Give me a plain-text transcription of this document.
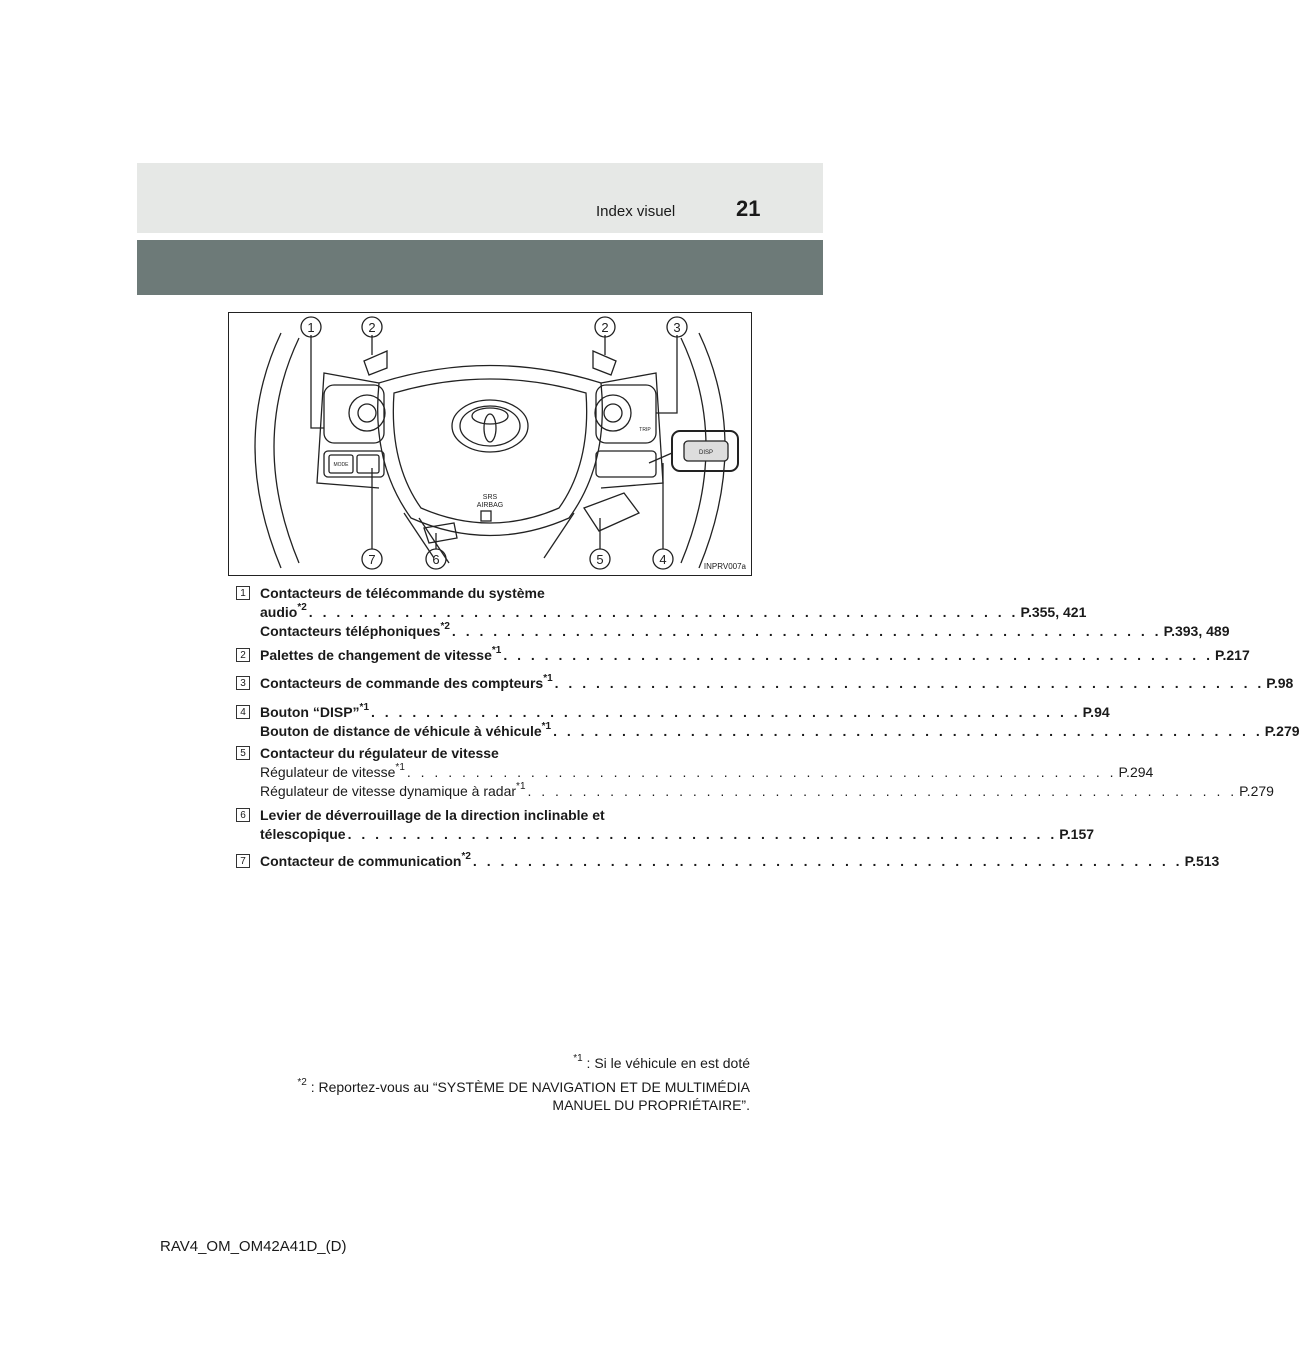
Index visuel	21
1	2	2	3
7	6	5	4
SRS
AIRBAG
DISP
MODE
TRIP
INPRV007a
1	Contacteurs de télécommande du système
audio$^{*2}$ . . . . . . . . . . . . . . . . . . . . . . . . . . . . . . . . . . . . . . . . . . . . . . . . . . . . P.355, 421
Contacteurs téléphoniques$^{*2}$ . . . . . . . . . . . . . . . . . . . . . . . . . . . . . . . . . . . . . . . . . . . . . . . . . . . . P.393, 489
2	Palettes de changement de vitesse$^{*1}$ . . . . . . . . . . . . . . . . . . . . . . . . . . . . . . . . . . . . . . . . . . . . . . . . . . . . P.217
3	Contacteurs de commande des compteurs$^{*1}$ . . . . . . . . . . . . . . . . . . . . . . . . . . . . . . . . . . . . . . . . . . . . . . . . . . . . P.98
4	Bouton “DISP”$^{*1}$ . . . . . . . . . . . . . . . . . . . . . . . . . . . . . . . . . . . . . . . . . . . . . . . . . . . . P.94
Bouton de distance de véhicule à véhicule$^{*1}$ . . . . . . . . . . . . . . . . . . . . . . . . . . . . . . . . . . . . . . . . . . . . . . . . . . . . P.279
5	Contacteur du régulateur de vitesse
Régulateur de vitesse$^{*1}$ . . . . . . . . . . . . . . . . . . . . . . . . . . . . . . . . . . . . . . . . . . . . . . . . . . . . P.294
Régulateur de vitesse dynamique à radar$^{*1}$ . . . . . . . . . . . . . . . . . . . . . . . . . . . . . . . . . . . . . . . . . . . . . . . . . . . . P.279
6	Levier de déverrouillage de la direction inclinable et
télescopique . . . . . . . . . . . . . . . . . . . . . . . . . . . . . . . . . . . . . . . . . . . . . . . . . . . . P.157
7	Contacteur de communication$^{*2}$ . . . . . . . . . . . . . . . . . . . . . . . . . . . . . . . . . . . . . . . . . . . . . . . . . . . . P.513

$^{*1}$ : Si le véhicule en est doté

$^{*2}$ : Reportez-vous au “SYSTÈME DE NAVIGATION ET DE MULTIMÉDIA
MANUEL DU PROPRIÉTAIRE”.

RAV4_OM_OM42A41D_(D)
